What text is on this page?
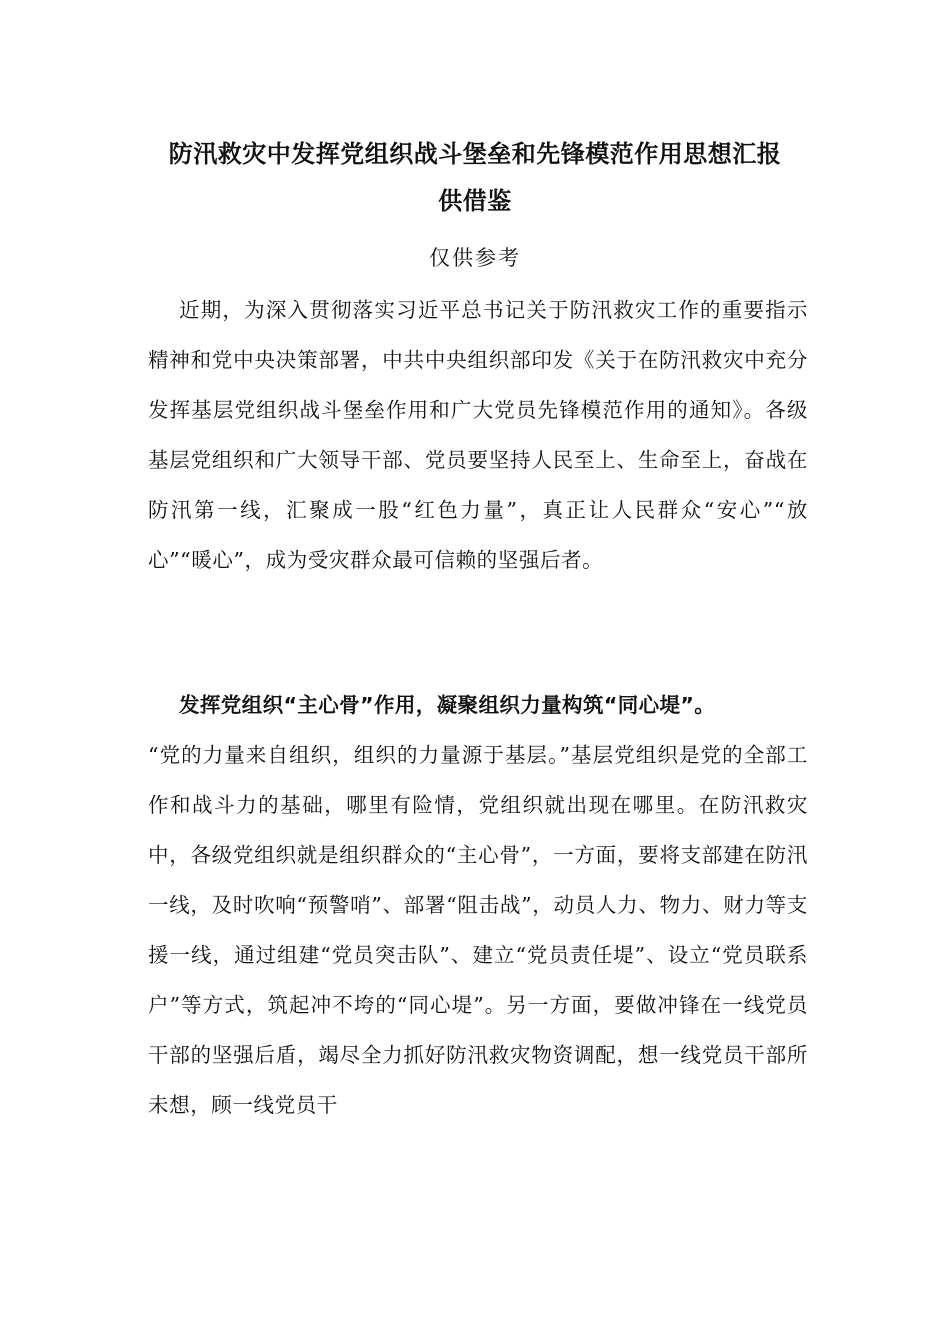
防汛救灾中发挥党组织战斗堡垒和先锋模范作用思想汇报
供借鉴
仅供参考
近期，为深入贯彻落实习近平总书记关于防汛救灾工作的重要指示精神和党中央决策部署，中共中央组织部印发《关于在防汛救灾中充分发挥基层党组织战斗堡垒作用和广大党员先锋模范作用的通知》。各级基层党组织和广大领导干部、党员要坚持人民至上、生命至上，奋战在防汛第一线，汇聚成一股“红色力量”，真正让人民群众“安心”“放心”“暖心”，成为受灾群众最可信赖的坚强后者。
发挥党组织“主心骨”作用，凝聚组织力量构筑“同心堤”。
“党的力量来自组织，组织的力量源于基层。”基层党组织是党的全部工作和战斗力的基础，哪里有险情，党组织就出现在哪里。在防汛救灾中，各级党组织就是组织群众的“主心骨”，一方面，要将支部建在防汛一线，及时吹响“预警哨”、部署“阻击战”，动员人力、物力、财力等支援一线，通过组建“党员突击队”、建立“党员责任堤”、设立“党员联系户”等方式，筑起冲不垮的“同心堤”。另一方面，要做冲锋在一线党员干部的坚强后盾，竭尽全力抓好防汛救灾物资调配，想一线党员干部所未想，顾一线党员干
